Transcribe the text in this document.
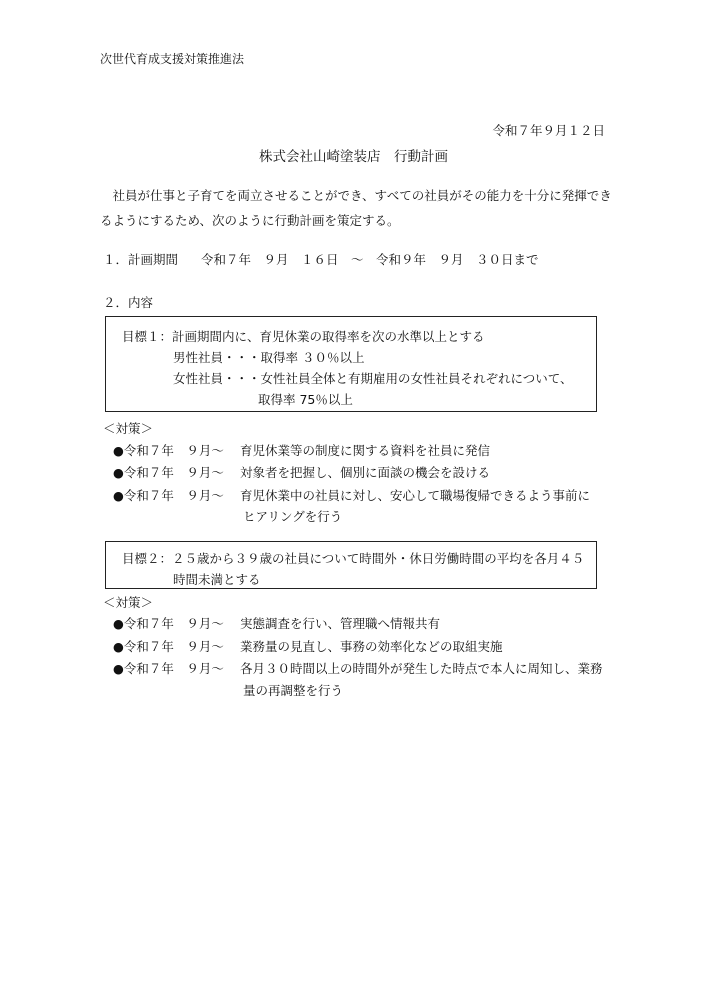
次世代育成支援対策推進法
令和７年９月１２日
株式会社山崎塗装店　行動計画
社員が仕事と子育てを両立させることができ、すべての社員がその能力を十分に発揮できるようにするため、次のように行動計画を策定する。
１．計画期間 令和７年　９月　１６日　～　令和９年　９月　３０日まで
２．内容
目標１：計画期間内に、育児休業の取得率を次の水準以上とする
男性社員・・・取得率 ３０％以上
女性社員・・・女性社員全体と有期雇用の女性社員それぞれについて、
取得率 75％以上
＜対策＞
●令和７年　９月～ 育児休業等の制度に関する資料を社員に発信
●令和７年　９月～ 対象者を把握し、個別に面談の機会を設ける
●令和７年　９月～ 育児休業中の社員に対し、安心して職場復帰できるよう事前に
ヒアリングを行う
目標２：２５歳から３９歳の社員について時間外・休日労働時間の平均を各月４５
時間未満とする
＜対策＞
●令和７年　９月～ 実態調査を行い、管理職へ情報共有
●令和７年　９月～ 業務量の見直し、事務の効率化などの取組実施
●令和７年　９月～ 各月３０時間以上の時間外が発生した時点で本人に周知し、業務
量の再調整を行う
